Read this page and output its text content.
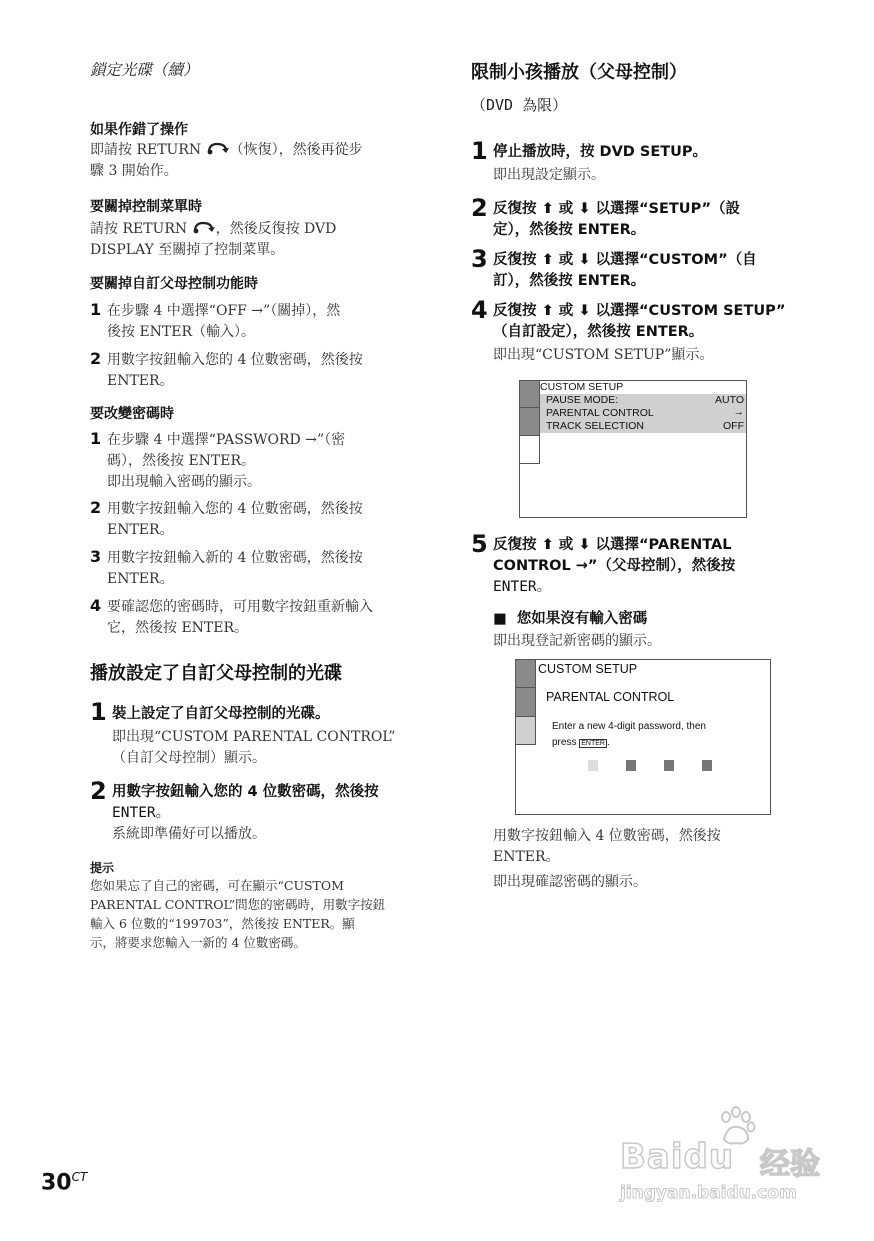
鎖定光碟（續）
如果作錯了操作
即請按 RETURN （恢復），然後再從步
驟 3 開始作。
要關掉控制菜單時
請按 RETURN ，然後反復按 DVD
DISPLAY 至關掉了控制菜單。
要關掉自訂父母控制功能時
1 在步驟 4 中選擇“OFF →”（關掉），然
後按 ENTER（輸入）。
2 用數字按鈕輸入您的 4 位數密碼，然後按
ENTER。
要改變密碼時
1 在步驟 4 中選擇“PASSWORD →”（密
碼），然後按 ENTER。
即出現輸入密碼的顯示。
2 用數字按鈕輸入您的 4 位數密碼，然後按
ENTER。
3 用數字按鈕輸入新的 4 位數密碼，然後按
ENTER。
4 要確認您的密碼時，可用數字按鈕重新輸入
它，然後按 ENTER。
播放設定了自訂父母控制的光碟
1 裝上設定了自訂父母控制的光碟。
即出現“CUSTOM PARENTAL CONTROL”
（自訂父母控制）顯示。
2 用數字按鈕輸入您的 4 位數密碼，然後按
ENTER。
系統即準備好可以播放。
提示
您如果忘了自己的密碼，可在顯示“CUSTOM
PARENTAL CONTROL”問您的密碼時，用數字按鈕
輸入 6 位數的“199703”，然後按 ENTER。顯
示，將要求您輸入一新的 4 位數密碼。
限制小孩播放（父母控制）
（DVD 為限）
1 停止播放時，按 DVD SETUP。
即出現設定顯示。
2 反復按 ⬆ 或 ⬇ 以選擇“SETUP”（設
定），然後按 ENTER。
3 反復按 ⬆ 或 ⬇ 以選擇“CUSTOM”（自
訂），然後按 ENTER。
4 反復按 ⬆ 或 ⬇ 以選擇“CUSTOM SETUP”
（自訂設定），然後按 ENTER。
即出現“CUSTOM SETUP”顯示。
CUSTOM SETUP
PAUSE MODE:	AUTO
PARENTAL CONTROL	→
TRACK SELECTION	OFF
5 反復按 ⬆ 或 ⬇ 以選擇“PARENTAL
CONTROL →”（父母控制），然後按
ENTER。
■ 您如果沒有輸入密碼
即出現登記新密碼的顯示。
CUSTOM SETUP
PARENTAL CONTROL
Enter a new 4-digit password, then
press ENTER .
用數字按鈕輸入 4 位數密碼，然後按
ENTER。
即出現確認密碼的顯示。
$30^{CT}$	Baidu 经验
jingyan.baidu.com
